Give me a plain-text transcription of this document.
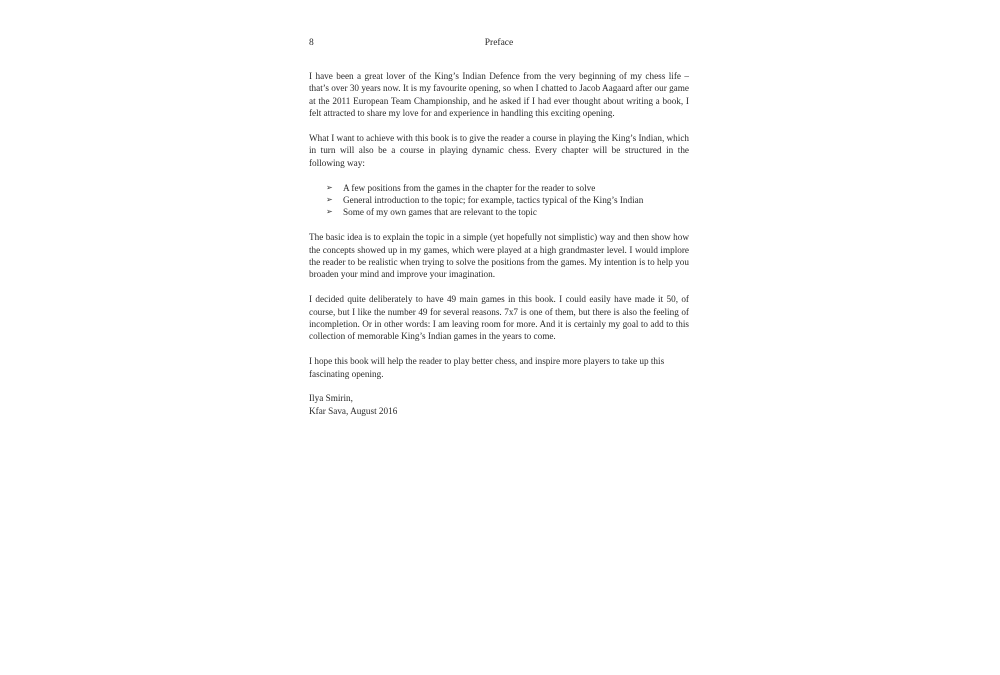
8	Preface

I have been a great lover of the King’s Indian Defence from the very beginning of my chess life – that’s over 30 years now. It is my favourite opening, so when I chatted to Jacob Aagaard after our game at the 2011 European Team Championship, and he asked if I had ever thought about writing a book, I felt attracted to share my love for and experience in handling this exciting opening.

What I want to achieve with this book is to give the reader a course in playing the King’s Indian, which in turn will also be a course in playing dynamic chess. Every chapter will be structured in the following way:

➢ A few positions from the games in the chapter for the reader to solve
➢ General introduction to the topic; for example, tactics typical of the King’s Indian
➢ Some of my own games that are relevant to the topic

The basic idea is to explain the topic in a simple (yet hopefully not simplistic) way and then show how the concepts showed up in my games, which were played at a high grandmaster level. I would implore the reader to be realistic when trying to solve the positions from the games. My intention is to help you broaden your mind and improve your imagination.

I decided quite deliberately to have 49 main games in this book. I could easily have made it 50, of course, but I like the number 49 for several reasons. 7x7 is one of them, but there is also the feeling of incompletion. Or in other words: I am leaving room for more. And it is certainly my goal to add to this collection of memorable King’s Indian games in the years to come.

I hope this book will help the reader to play better chess, and inspire more players to take up this fascinating opening.

Ilya Smirin,

Kfar Sava, August 2016
